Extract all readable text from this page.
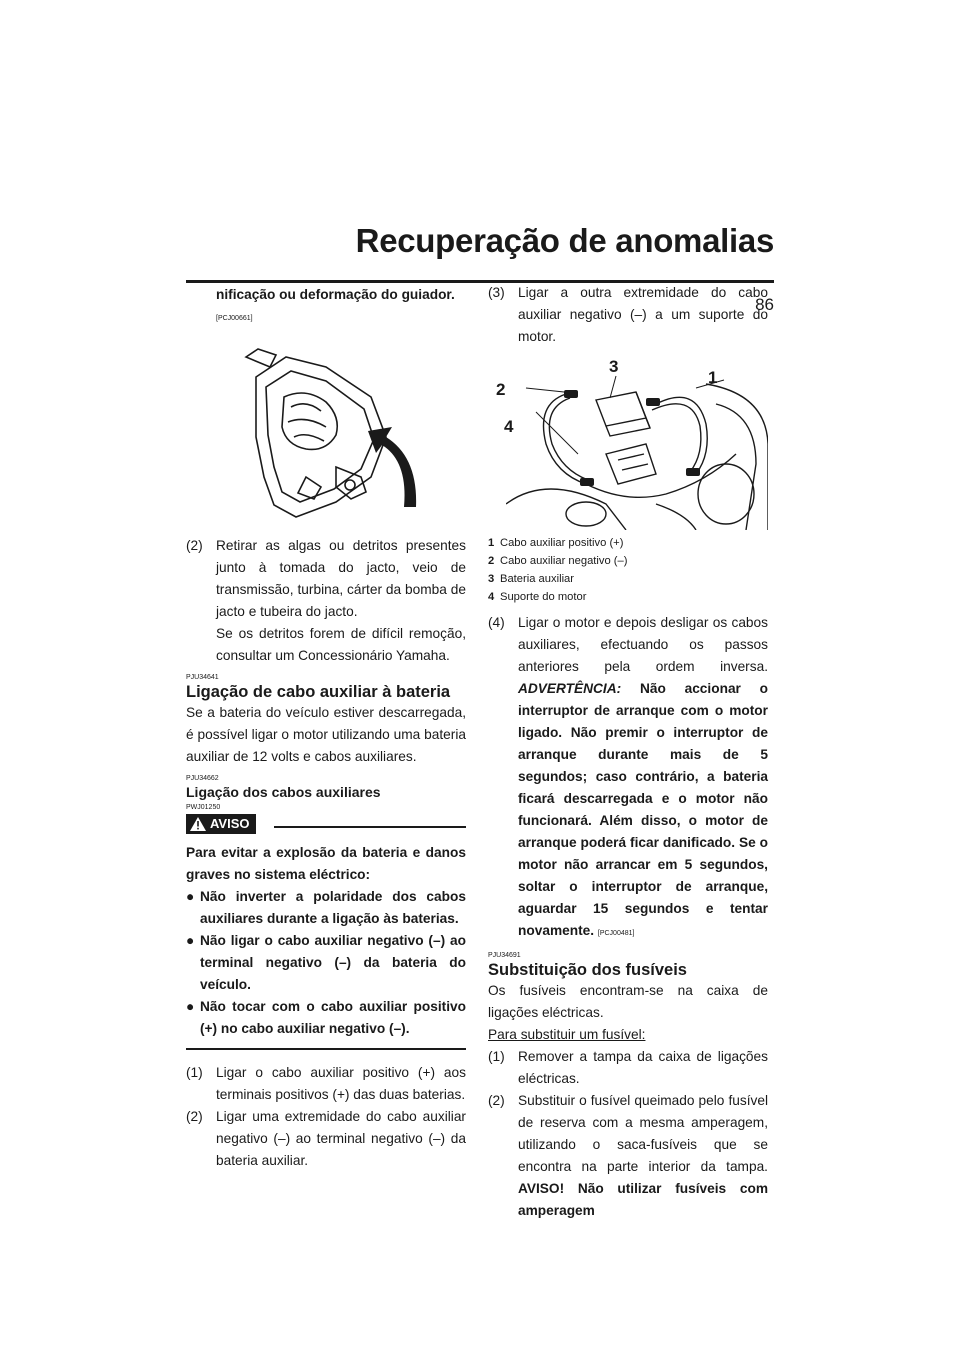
Recuperação de anomalias
86

nificação ou deformação do guiador.

[PCJ00661]

(2) Retirar as algas ou detritos presentes junto à tomada do jacto, veio de transmissão, turbina, cárter da bomba de jacto e tubeira do jacto.

Se os detritos forem de difícil remoção, consultar um Concessionário Yamaha.

PJU34641

Ligação de cabo auxiliar à bateria

Se a bateria do veículo estiver descarregada, é possível ligar o motor utilizando uma bateria auxiliar de 12 volts e cabos auxiliares.

PJU34662

Ligação dos cabos auxiliares

PWJ01250

AVISO

Para evitar a explosão da bateria e danos graves no sistema eléctrico:

● Não inverter a polaridade dos cabos auxiliares durante a ligação às baterias.
● Não ligar o cabo auxiliar negativo (–) ao terminal negativo (–) da bateria do veículo.
● Não tocar com o cabo auxiliar positivo (+) no cabo auxiliar negativo (–).
(1) Ligar o cabo auxiliar positivo (+) aos terminais positivos (+) das duas baterias.

(2) Ligar uma extremidade do cabo auxiliar negativo (–) ao terminal negativo (–) da bateria auxiliar.

(3) Ligar a outra extremidade do cabo auxiliar negativo (–) a um suporte do motor.

1
2
3
4
1 Cabo auxiliar positivo (+)
2 Cabo auxiliar negativo (–)
3 Bateria auxiliar
4 Suporte do motor
(4) Ligar o motor e depois desligar os cabos auxiliares, efectuando os passos anteriores pela ordem inversa. ADVERTÊNCIA: Não accionar o interruptor de arranque com o motor ligado. Não premir o interruptor de arranque durante mais de 5 segundos; caso contrário, a bateria ficará descarregada e o motor não funcionará. Além disso, o motor de arranque poderá ficar danificado. Se o motor não arrancar em 5 segundos, soltar o interruptor de arranque, aguardar 15 segundos e tentar novamente. [PCJ00481]

PJU34691

Substituição dos fusíveis

Os fusíveis encontram-se na caixa de ligações eléctricas.

Para substituir um fusível:

(1) Remover a tampa da caixa de ligações eléctricas.

(2) Substituir o fusível queimado pelo fusível de reserva com a mesma amperagem, utilizando o saca-fusíveis que se encontra na parte interior da tampa. AVISO! Não utilizar fusíveis com amperagem
